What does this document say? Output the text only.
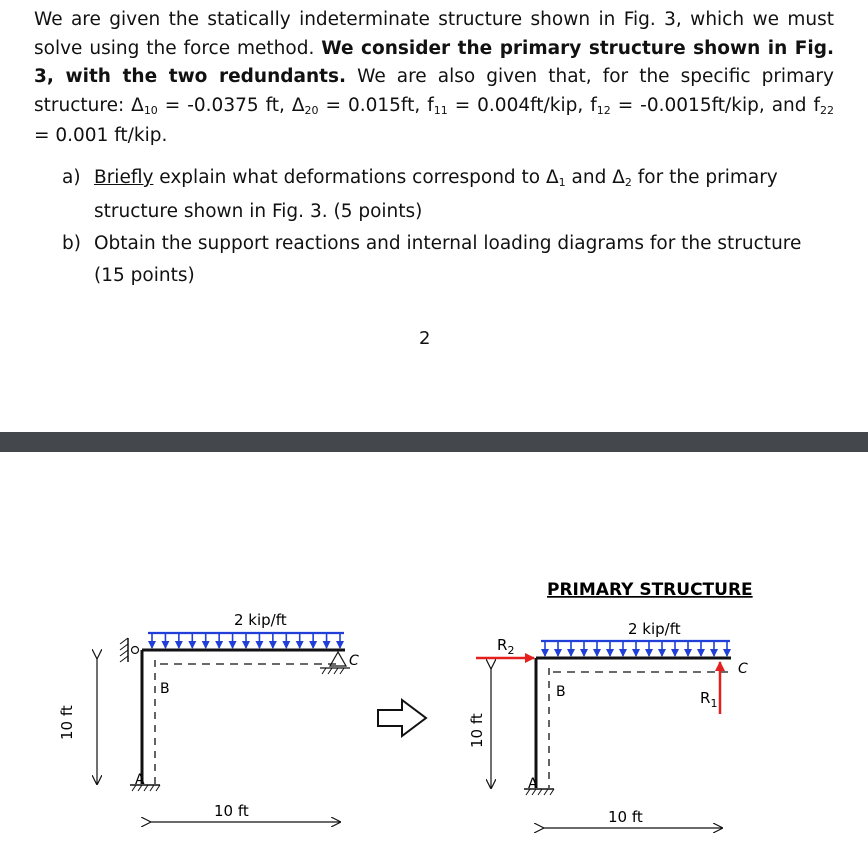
We are given the statically indeterminate structure shown in Fig. 3, which we must solve using the force method. We consider the primary structure shown in Fig. 3, with the two redundants. We are also given that, for the specific primary structure: $\Delta_{10} = -0.0375$ ft, $\Delta_{20} = 0.015ft$, $f_{11} = 0.004ft/kip$, $f_{12} = -0.0015ft/kip$, and $f_{22} = 0.001$ ft/kip.
a) Briefly explain what deformations correspond to $\Delta_1$ and $\Delta_2$ for the primary structure shown in Fig. 3. (5 points)
b) Obtain the support reactions and internal loading diagrams for the structure (15 points)
2
2 kip/ft
B
A
C
10 ft
10 ft
PRIMARY STRUCTURE
2 kip/ft
$R_2$
$R_1$
B
A
C
10 ft
10 ft
